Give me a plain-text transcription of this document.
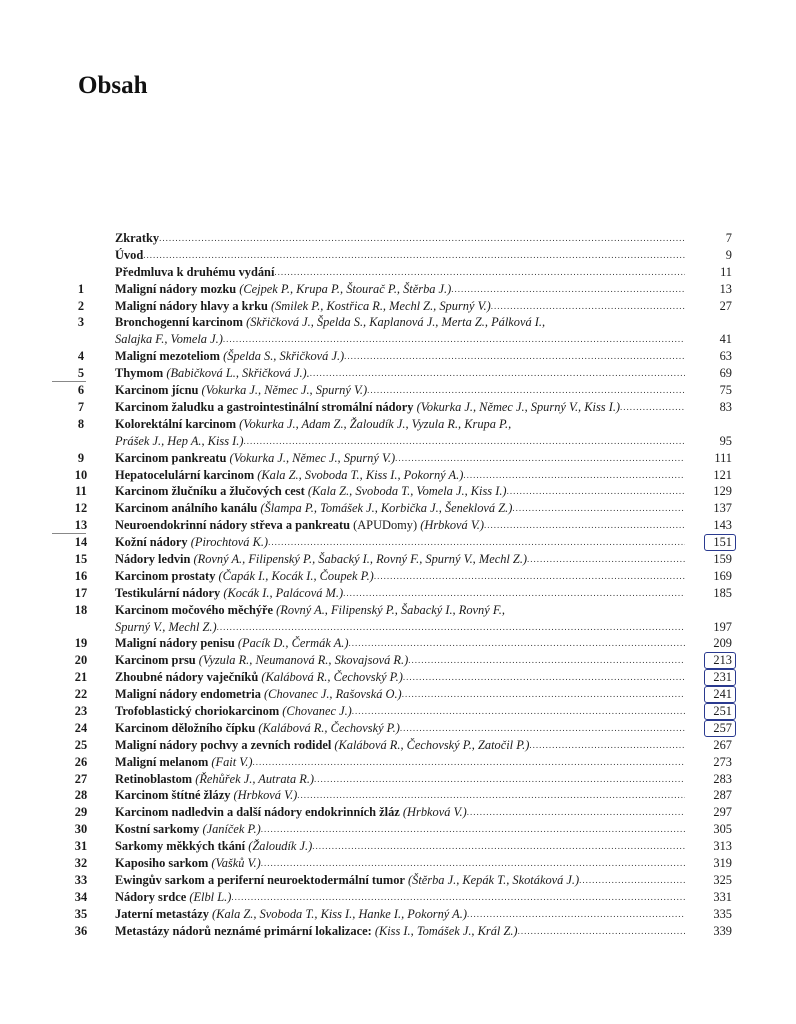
Obsah
Zkratky .....	7
Úvod .....	9
Předmluva k druhému vydání .....	11
1	Maligní nádory mozku (Cejpek P., Krupa P., Štourač P., Štěrba J.) .....	13
2	Maligní nádory hlavy a krku (Smilek P., Kostřica R., Mechl Z., Spurný V.) .....	27
3	Bronchogenní karcinom (Skřičková J., Špelda S., Kaplanová J., Merta Z., Pálková I.,
Salajka F., Vomela J.) .....	41
4	Maligní mezoteliom (Špelda S., Skřičková J.) .....	63
5	Thymom (Babičková L., Skřičková J.). .....	69
6	Karcinom jícnu (Vokurka J., Němec J., Spurný V.) .....	75
7	Karcinom žaludku a gastrointestinální stromální nádory (Vokurka J., Němec J., Spurný V., Kiss I.) .....	83
8	Kolorektální karcinom (Vokurka J., Adam Z., Žaloudík J., Vyzula R., Krupa P.,
Prášek J., Hep A., Kiss I.) .....	95
9	Karcinom pankreatu (Vokurka J., Němec J., Spurný V.) .....	111
10	Hepatocelulární karcinom (Kala Z., Svoboda T., Kiss I., Pokorný A.) .....	121
11	Karcinom žlučníku a žlučových cest (Kala Z., Svoboda T., Vomela J., Kiss I.) .....	129
12	Karcinom análního kanálu (Šlampa P., Tomášek J., Korbička J., Šeneklová Z.) .....	137
13	Neuroendokrinní nádory střeva a pankreatu (APUDomy) (Hrbková V.) .....	143
14	Kožní nádory (Pirochtová K.) .....	151
15	Nádory ledvin (Rovný A., Filipenský P., Šabacký I., Rovný F., Spurný V., Mechl Z.) .....	159
16	Karcinom prostaty (Čapák I., Kocák I., Čoupek P.) .....	169
17	Testikulární nádory (Kocák I., Palácová M.) .....	185
18	Karcinom močového měchýře (Rovný A., Filipenský P., Šabacký I., Rovný F.,
Spurný V., Mechl Z.) .....	197
19	Maligní nádory penisu (Pacík D., Čermák A.) .....	209
20	Karcinom prsu (Vyzula R., Neumanová R., Skovajsová R.) .....	213
21	Zhoubné nádory vaječníků (Kalábová R., Čechovský P.) .....	231
22	Maligní nádory endometria (Chovanec J., Rašovská O.) .....	241
23	Trofoblastický choriokarcinom (Chovanec J.) .....	251
24	Karcinom děložního čípku (Kalábová R., Čechovský P.) .....	257
25	Maligní nádory pochvy a zevních rodidel (Kalábová R., Čechovský P., Zatočil P.) .....	267
26	Maligní melanom (Fait V.) .....	273
27	Retinoblastom (Řehůřek J., Autrata R.) .....	283
28	Karcinom štítné žlázy (Hrbková V.) .....	287
29	Karcinom nadledvin a další nádory endokrinních žláz (Hrbková V.) .....	297
30	Kostní sarkomy (Janíček P.) .....	305
31	Sarkomy měkkých tkání (Žaloudík J.) .....	313
32	Kaposiho sarkom (Vašků V.) .....	319
33	Ewingův sarkom a periferní neuroektodermální tumor (Štěrba J., Kepák T., Skotáková J.) .....	325
34	Nádory srdce (Elbl L.) .....	331
35	Jaterní metastázy (Kala Z., Svoboda T., Kiss I., Hanke I., Pokorný A.) .....	335
36	Metastázy nádorů neznámé primární lokalizace: (Kiss I., Tomášek J., Král Z.) .....	339
